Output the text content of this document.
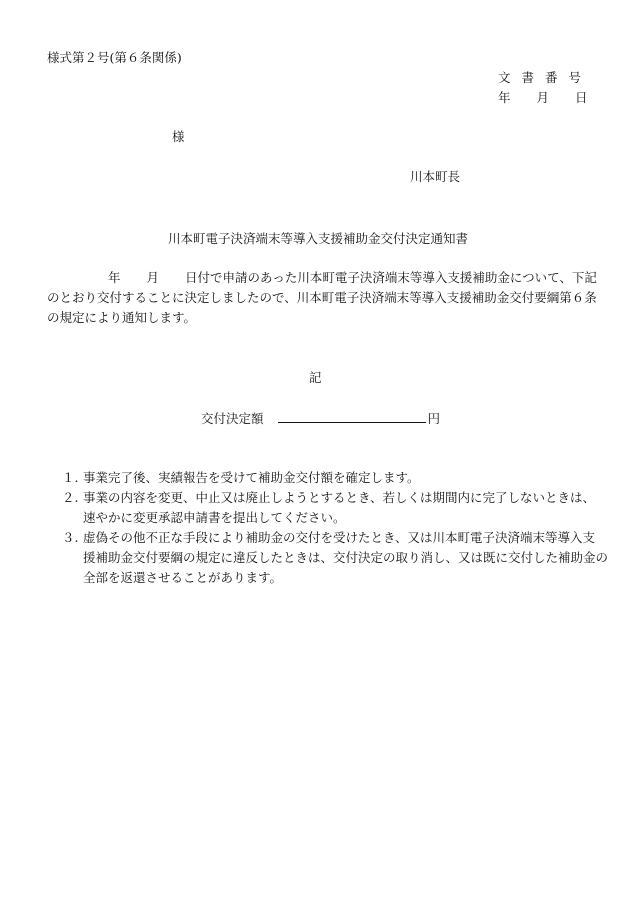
様式第２号(第６条関係)
文書番号
年 月 日
様
川本町長
川本町電子決済端末等導入支援補助金交付決定通知書

年 月 日付で申請のあった川本町電子決済端末等導入支援補助金について、下記

のとおり交付することに決定しましたので、川本町電子決済端末等導入支援補助金交付要綱第６条

の規定により通知します。

記
交付決定額	円
１. 事業完了後、実績報告を受けて補助金交付額を確定します。
２. 事業の内容を変更、中止又は廃止しようとするとき、若しくは期間内に完了しないときは、
速やかに変更承認申請書を提出してください。
３. 虚偽その他不正な手段により補助金の交付を受けたとき、又は川本町電子決済端末等導入支
援補助金交付要綱の規定に違反したときは、交付決定の取り消し、又は既に交付した補助金の
全部を返還させることがあります。
